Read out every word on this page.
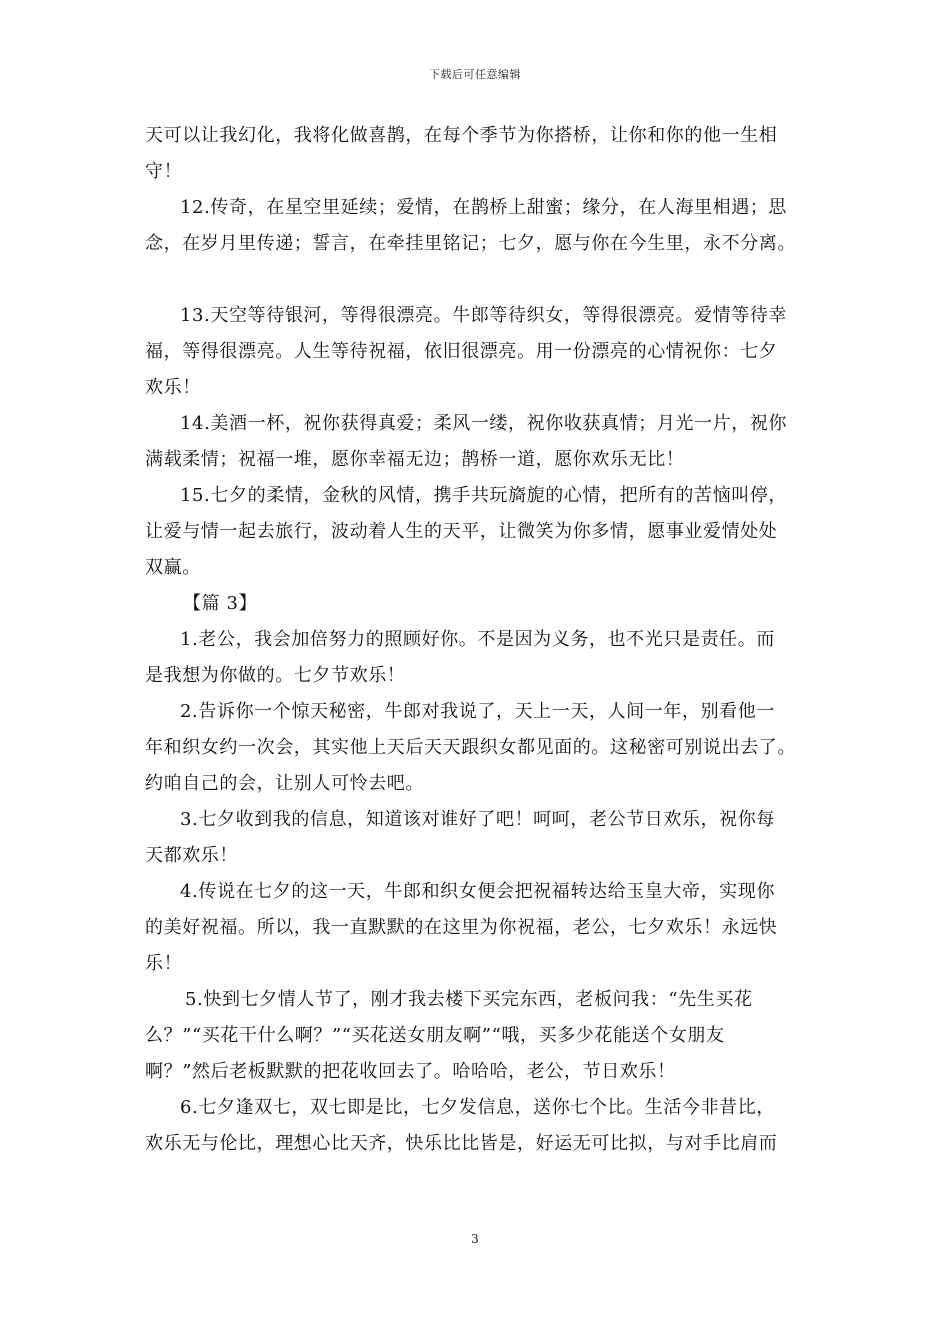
下载后可任意编辑
天可以让我幻化，我将化做喜鹊，在每个季节为你搭桥，让你和你的他一生相
守！
12.传奇，在星空里延续；爱情，在鹊桥上甜蜜；缘分，在人海里相遇；思
念，在岁月里传递；誓言，在牵挂里铭记；七夕，愿与你在今生里，永不分离。
13.天空等待银河，等得很漂亮。牛郎等待织女，等得很漂亮。爱情等待幸
福，等得很漂亮。人生等待祝福，依旧很漂亮。用一份漂亮的心情祝你：七夕
欢乐！
14.美酒一杯，祝你获得真爱；柔风一缕，祝你收获真情；月光一片，祝你
满载柔情；祝福一堆，愿你幸福无边；鹊桥一道，愿你欢乐无比！
15.七夕的柔情，金秋的风情，携手共玩旖旎的心情，把所有的苦恼叫停，
让爱与情一起去旅行，波动着人生的天平，让微笑为你多情，愿事业爱情处处
双赢。
【篇 3】
1.老公，我会加倍努力的照顾好你。不是因为义务，也不光只是责任。而
是我想为你做的。七夕节欢乐！
2.告诉你一个惊天秘密，牛郎对我说了，天上一天，人间一年，别看他一
年和织女约一次会，其实他上天后天天跟织女都见面的。这秘密可别说出去了。
约咱自己的会，让别人可怜去吧。
3.七夕收到我的信息，知道该对谁好了吧！呵呵，老公节日欢乐，祝你每
天都欢乐！
4.传说在七夕的这一天，牛郎和织女便会把祝福转达给玉皇大帝，实现你
的美好祝福。所以，我一直默默的在这里为你祝福，老公，七夕欢乐！永远快
乐！
5.快到七夕情人节了，刚才我去楼下买完东西，老板问我：“先生买花
么？”“买花干什么啊？”“买花送女朋友啊”“哦，买多少花能送个女朋友
啊？”然后老板默默的把花收回去了。哈哈哈，老公，节日欢乐！
6.七夕逢双七，双七即是比，七夕发信息，送你七个比。生活今非昔比，
欢乐无与伦比，理想心比天齐，快乐比比皆是，好运无可比拟，与对手比肩而
3
